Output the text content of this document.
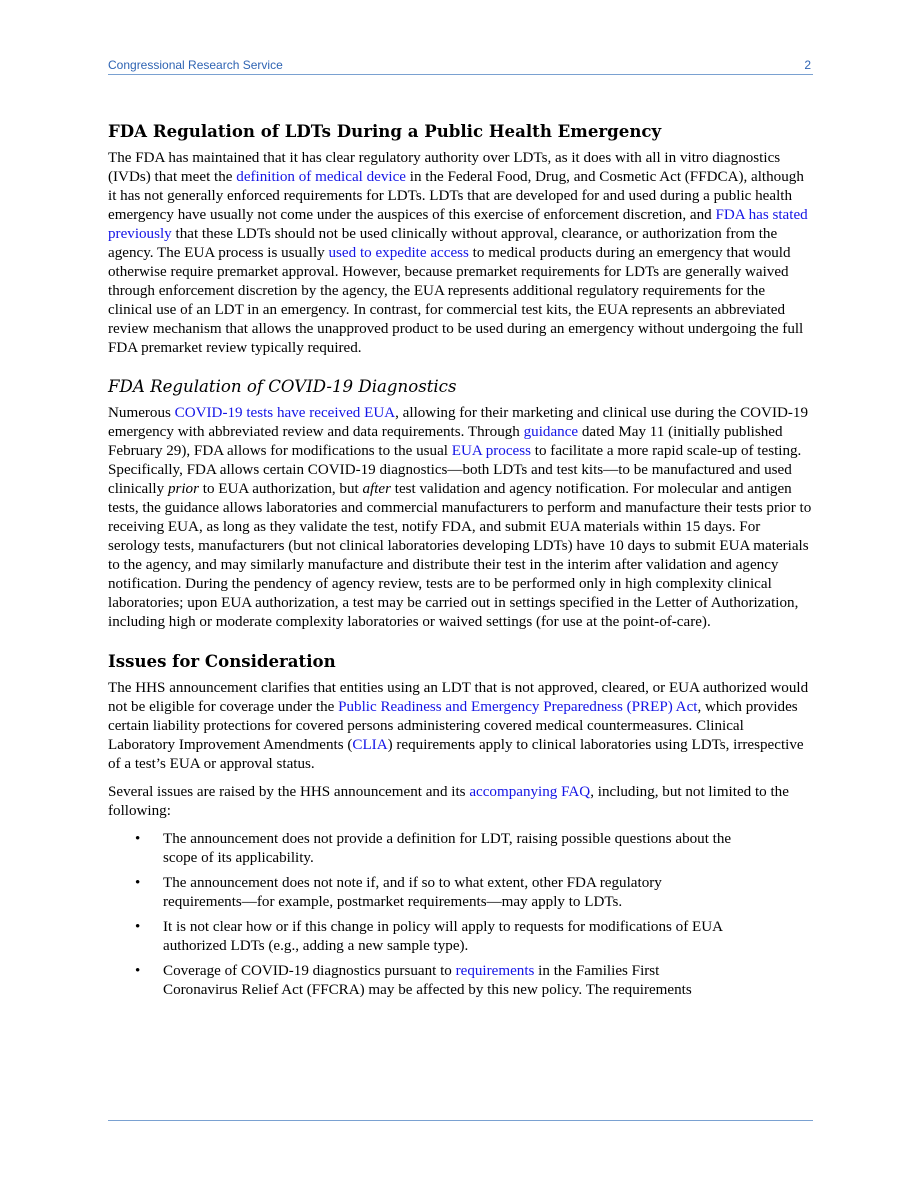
Congressional Research Service	2
FDA Regulation of LDTs During a Public Health Emergency

The FDA has maintained that it has clear regulatory authority over LDTs, as it does with all in vitro diagnostics (IVDs) that meet the definition of medical device in the Federal Food, Drug, and Cosmetic Act (FFDCA), although it has not generally enforced requirements for LDTs. LDTs that are developed for and used during a public health emergency have usually not come under the auspices of this exercise of enforcement discretion, and FDA has stated previously that these LDTs should not be used clinically without approval, clearance, or authorization from the agency. The EUA process is usually used to expedite access to medical products during an emergency that would otherwise require premarket approval. However, because premarket requirements for LDTs are generally waived through enforcement discretion by the agency, the EUA represents additional regulatory requirements for the clinical use of an LDT in an emergency. In contrast, for commercial test kits, the EUA represents an abbreviated review mechanism that allows the unapproved product to be used during an emergency without undergoing the full FDA premarket review typically required.

FDA Regulation of COVID-19 Diagnostics

Numerous COVID-19 tests have received EUA, allowing for their marketing and clinical use during the COVID-19 emergency with abbreviated review and data requirements. Through guidance dated May 11 (initially published February 29), FDA allows for modifications to the usual EUA process to facilitate a more rapid scale-up of testing. Specifically, FDA allows certain COVID-19 diagnostics—both LDTs and test kits—to be manufactured and used clinically prior to EUA authorization, but after test validation and agency notification. For molecular and antigen tests, the guidance allows laboratories and commercial manufacturers to perform and manufacture their tests prior to receiving EUA, as long as they validate the test, notify FDA, and submit EUA materials within 15 days. For serology tests, manufacturers (but not clinical laboratories developing LDTs) have 10 days to submit EUA materials to the agency, and may similarly manufacture and distribute their test in the interim after validation and agency notification. During the pendency of agency review, tests are to be performed only in high complexity clinical laboratories; upon EUA authorization, a test may be carried out in settings specified in the Letter of Authorization, including high or moderate complexity laboratories or waived settings (for use at the point-of-care).

Issues for Consideration

The HHS announcement clarifies that entities using an LDT that is not approved, cleared, or EUA authorized would not be eligible for coverage under the Public Readiness and Emergency Preparedness (PREP) Act, which provides certain liability protections for covered persons administering covered medical countermeasures. Clinical Laboratory Improvement Amendments (CLIA) requirements apply to clinical laboratories using LDTs, irrespective of a test’s EUA or approval status.

Several issues are raised by the HHS announcement and its accompanying FAQ, including, but not limited to the following:

• The announcement does not provide a definition for LDT, raising possible questions about the scope of its applicability.
• The announcement does not note if, and if so to what extent, other FDA regulatory requirements—for example, postmarket requirements—may apply to LDTs.
• It is not clear how or if this change in policy will apply to requests for modifications of EUA authorized LDTs (e.g., adding a new sample type).
• Coverage of COVID-19 diagnostics pursuant to requirements in the Families First Coronavirus Relief Act (FFCRA) may be affected by this new policy. The requirements
